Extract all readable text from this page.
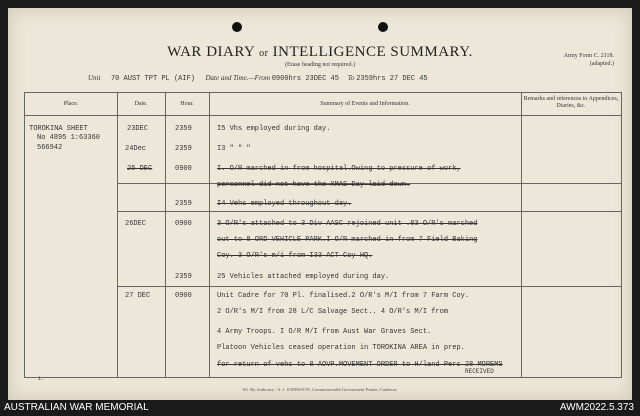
WAR DIARY or INTELLIGENCE SUMMARY.
(Erase heading not required.)
Army Form C. 2118.
(adapted.)
Unit 70 AUST TPT PL (AIF) Date and Time.—From 0900hrs 23DEC 45 To 2359hrs 27 DEC 45
Place.	Date.	Hour.	Summary of Events and Information.
Remarks and references to Appendices, Diaries, &c.
TOROKINA SHEET
No 4895 1:63360
566942
23DEC	2359	I5 Vhs employed during day.
24Dec	2359	I3 " " "
25 DEC	0900	I. O/R marched in from hospital.Owing to pressure of work,
personnel did not have the XMAS Day laid down.
2359	I4 Vehs employed throughout day.
26DEC	0900	3 O/R's attached to 3 Div AASC rejoined unit .83 O/R's marched
out to 8 ORD VEHICLE PARK.I O/R marched in from 7 Field Baking
Coy. 3 O/R's m/i from I33 ACT Coy HQ.
2359	25 Vehicles attached employed during day.
27 DEC	0900	Unit Cadre for 70 Pl. finalised.2 O/R's M/I from 7 Farm Coy.
2 O/R's M/I from 28 L/C Salvage Sect.. 4 O/R's M/I from
4 Army Troops. I O/R M/I from Aust War Graves Sect.
Platoon Vehicles ceased operation in TOROKINA AREA in prep.
for return of vehs to 8 AOVP.MOVEMENT ORDER to H/land Pers 28 MOREMS
RECEIVED
1.
Wt. By Authority : A. J. JOHNSTON, Commonwealth Government Printer, Canberra.
AUSTRALIAN WAR MEMORIAL	AWM2022.5.373
